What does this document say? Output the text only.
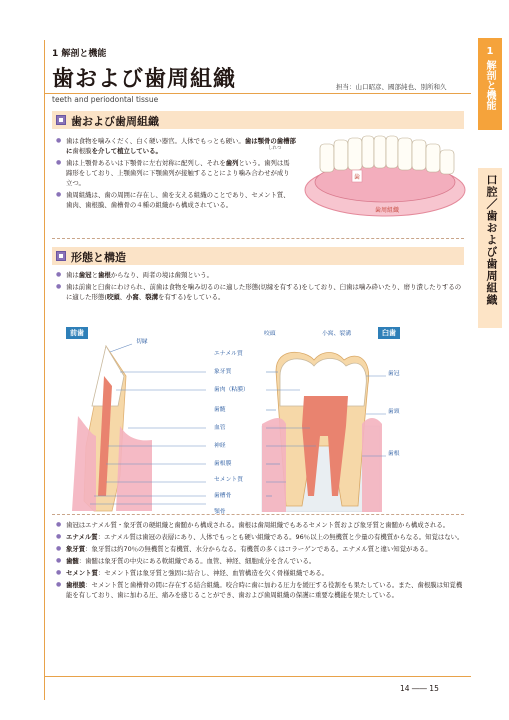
1 解剖と機能
歯および歯周組織
teeth and periodontal tissue
担当：山口昭彦、國部純也、別所和久
1
解剖と機能
口腔／歯および歯周組織
歯および歯周組織
● 歯は食物を噛みくだく、白く硬い器官。人体でもっとも硬い。歯は顎骨の歯槽部に歯根膜を介して植立している。
● 歯は上顎骨あるいは下顎骨に左右対称に配列し、それを歯列という。歯列は馬蹄形をしており、上顎歯列に下顎歯列が接触することにより噛み合わせが成り立つ。
● 歯周組織は、歯の周囲に存在し、歯を支える組織のことであり、セメント質、歯肉、歯根膜、歯槽骨の４種の組織から構成されている。
しれつ
歯
歯周組織
形態と構造
● 歯は歯冠と歯根からなり、両者の境は歯頸という。
● 歯は前歯と臼歯にわけられ、前歯は食物を噛み切るのに適した形態(切縁を有する)をしており、臼歯は噛み砕いたり、磨り潰したりするのに適した形態(咬頭、小窩、裂溝を有する)をしている。
前歯	臼歯
切縁
咬頭	小窩、裂溝
エナメル質
象牙質
歯肉（粘膜）
歯髄
血管
神経
歯根膜
セメント質
歯槽骨
顎骨
歯冠
歯頸
歯根
● 歯冠はエナメル質・象牙質の硬組織と歯髄から構成される。歯根は歯周組織でもあるセメント質および象牙質と歯髄から構成される。
● エナメル質：エナメル質は歯冠の表層にあり、人体でもっとも硬い組織である。96％以上の無機質と少量の有機質からなる。知覚はない。
● 象牙質：象牙質は約70％の無機質と有機質、水分からなる。有機質の多くはコラーゲンである。エナメル質と違い知覚がある。
● 歯髄：歯髄は象牙質の中央にある軟組織である。血管、神経、細胞成分を含んでいる。
● セメント質：セメント質は象牙質と強固に結合し、神経、血管構造を欠く骨様組織である。
● 歯根膜：セメント質と歯槽骨の間に存在する結合組織。咬合時に歯に加わる圧力を緩圧する役割をも果たしている。また、歯根膜は知覚機能を有しており、歯に加わる圧、痛みを感じることができ、歯および歯周組織の保護に重要な機能を果たしている。
14 ―― 15
